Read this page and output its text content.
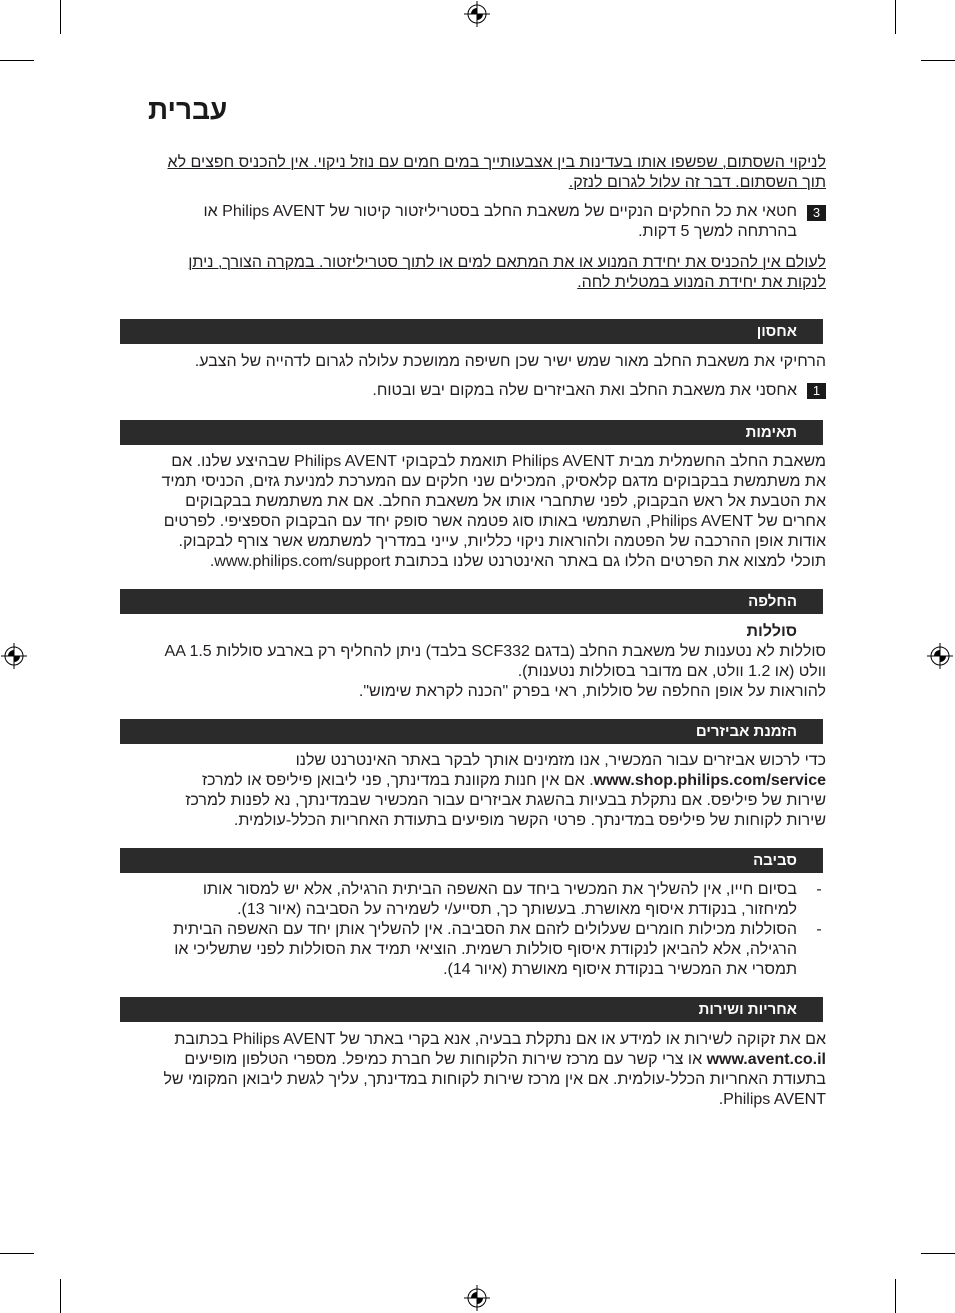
עברית
לניקוי השסתום, שפשפו אותו בעדינות בין אצבעותייך במים חמים עם נוזל ניקוי. אין להכניס חפצים לא
תוך השסתום. דבר זה עלול לגרום לנזק.
3
חטאי את כל החלקים הנקיים של משאבת החלב בסטריליזטור קיטור של Philips AVENT או
בהרתחה למשך 5 דקות.
לעולם אין להכניס את יחידת המנוע או את המתאם למים או לתוך סטריליזטור. במקרה הצורך, ניתן
לנקות את יחידת המנוע במטלית לחה.
אחסון
הרחיקי את משאבת החלב מאור שמש ישיר שכן חשיפה ממושכת עלולה לגרום לדהייה של הצבע.
1
אחסני את משאבת החלב ואת האביזרים שלה במקום יבש ובטוח.
תאימות
משאבת החלב החשמלית מבית Philips AVENT תואמת לבקבוקי Philips AVENT שבהיצע שלנו. אם
את משתמשת בבקבוקים מדגם קלאסיק, המכילים שני חלקים עם המערכת למניעת גזים, הכניסי תמיד
את הטבעת אל ראש הבקבוק, לפני שתחברי אותו אל משאבת החלב. אם את משתמשת בבקבוקים
אחרים של Philips AVENT, השתמשי באותו סוג פטמה אשר סופק יחד עם הבקבוק הספציפי. לפרטים
אודות אופן ההרכבה של הפטמה ולהוראות ניקוי כלליות, עייני במדריך למשתמש אשר צורף לבקבוק.
תוכלי למצוא את הפרטים הללו גם באתר האינטרנט שלנו בכתובת www.philips.com/support.
החלפה
סוללות
סוללות לא נטענות של משאבת החלב (בדגם SCF332 בלבד) ניתן להחליף רק בארבע סוללות AA 1.5
וולט (או 1.2 וולט, אם מדובר בסוללות נטענות).
להוראות על אופן החלפה של סוללות, ראי בפרק "הכנה לקראת שימוש".
הזמנת אביזרים
כדי לרכוש אביזרים עבור המכשיר, אנו מזמינים אותך לבקר באתר האינטרנט שלנו
www.shop.philips.com/service. אם אין חנות מקוונת במדינתך, פני ליבואן פיליפס או למרכז
שירות של פיליפס. אם נתקלת בבעיות בהשגת אביזרים עבור המכשיר שבמדינתך, נא לפנות למרכז
שירות לקוחות של פיליפס במדינתך. פרטי הקשר מופיעים בתעודת האחריות הכלל-עולמית.
סביבה
-
בסיום חייו, אין להשליך את המכשיר ביחד עם האשפה הביתית הרגילה, אלא יש למסור אותו
למיחזור, בנקודת איסוף מאושרת. בעשותך כך, תסייע/י לשמירה על הסביבה (איור 13).
-
הסוללות מכילות חומרים שעלולים לזהם את הסביבה. אין להשליך אותן יחד עם האשפה הביתית
הרגילה, אלא להביאן לנקודת איסוף סוללות רשמית. הוציאי תמיד את הסוללות לפני שתשליכי או
תמסרי את המכשיר בנקודת איסוף מאושרת (איור 14).
אחריות ושירות
אם את זקוקה לשירות או למידע או אם נתקלת בבעיה, אנא בקרי באתר של Philips AVENT בכתובת
www.avent.co.il או צרי קשר עם מרכז שירות הלקוחות של חברת כמיפל. מספרי הטלפון מופיעים
בתעודת האחריות הכלל-עולמית. אם אין מרכז שירות לקוחות במדינתך, עליך לגשת ליבואן המקומי של
Philips AVENT.
